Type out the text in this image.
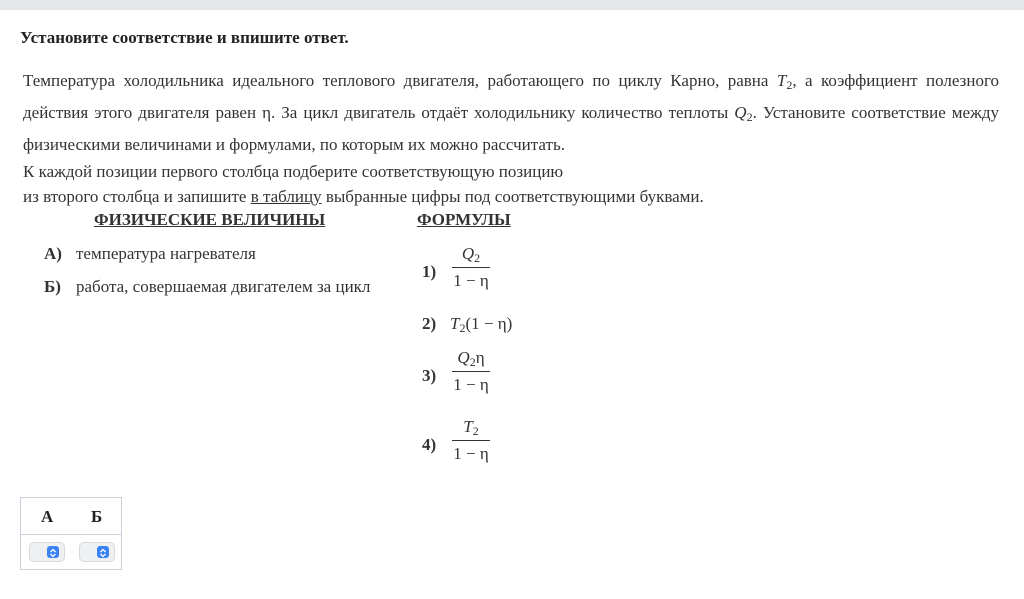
Установите соответствие и впишите ответ.
Температура холодильника идеального теплового двигателя, работающего по циклу Карно, равна $T_2$, а коэффициент полезного действия этого двигателя равен η. За цикл двигатель отдаёт холодильнику количество теплоты $Q_2$. Установите соответствие между физическими величинами и формулами, по которым их можно рассчитать.
К каждой позиции первого столбца подберите соответствующую позицию
из второго столбца и запишите в таблицу выбранные цифры под соответствующими буквами.
ФИЗИЧЕСКИЕ ВЕЛИЧИНЫ	ФОРМУЛЫ
А) температура нагревателя
Б) работа, совершаемая двигателем за цикл
1)
$Q_2$
1 − η
2) $T_2(1 - \eta)$
3)
$Q_2\eta$
1 − η
4)
$T_2$
1 − η
А Б
